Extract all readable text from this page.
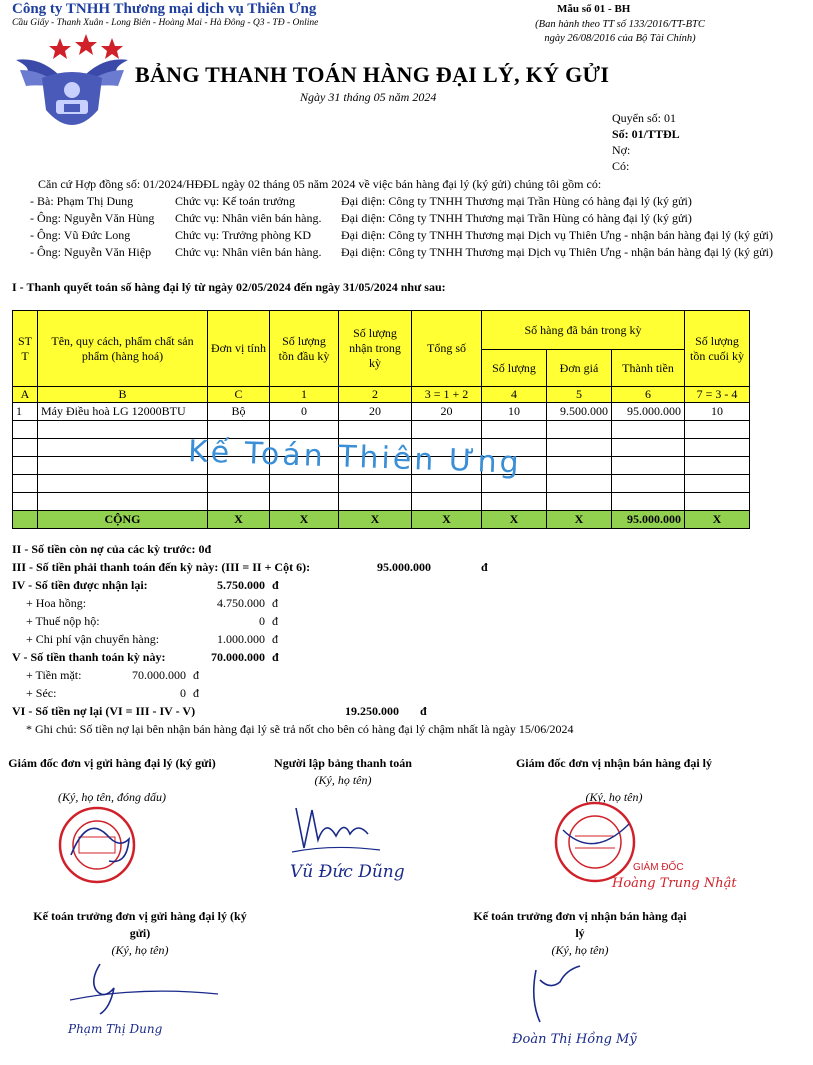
Công ty TNHH Thương mại dịch vụ Thiên Ưng
Cầu Giấy - Thanh Xuân - Long Biên - Hoàng Mai - Hà Đông - Q3 - TĐ - Online
Mẫu số 01 - BH
(Ban hành theo TT số 133/2016/TT-BTC
ngày 26/08/2016 của Bộ Tài Chính)
BẢNG THANH TOÁN HÀNG ĐẠI LÝ, KÝ GỬI
Ngày 31 tháng 05 năm 2024
Quyển số: 01
Số: 01/TTĐL
Nợ:
Có:
Căn cứ Hợp đồng số: 01/2024/HĐĐL ngày 02 tháng 05 năm 2024 về việc bán hàng đại lý (ký gửi) chúng tôi gồm có:
- Bà: Phạm Thị Dung	Chức vụ: Kế toán trưởng	Đại diện: Công ty TNHH Thương mại Trần Hùng có hàng đại lý (ký gửi)
- Ông: Nguyễn Văn Hùng Chức vụ: Nhân viên bán hàng. Đại diện: Công ty TNHH Thương mại Trần Hùng có hàng đại lý (ký gửi)
- Ông: Vũ Đức Long	Chức vụ: Trưởng phòng KD Đại diện: Công ty TNHH Thương mại Dịch vụ Thiên Ưng - nhận bán hàng đại lý (ký gửi)
- Ông: Nguyễn Văn Hiệp Chức vụ: Nhân viên bán hàng. Đại diện: Công ty TNHH Thương mại Dịch vụ Thiên Ưng - nhận bán hàng đại lý (ký gửi)
I - Thanh quyết toán số hàng đại lý từ ngày 02/05/2024 đến ngày 31/05/2024 như sau:
ST T	Tên, quy cách, phẩm chất sản phẩm (hàng hoá)	Đơn vị tính	Số lượng tồn đầu kỳ	Số lượng nhận trong kỳ	Tổng số	Số hàng đã bán trong kỳ			Số lượng tồn cuối kỳ
						Số lượng	Đơn giá	Thành tiền	
A	B	C	1	2	3 = 1 + 2	4	5	6	7 = 3 - 4
1	Máy Điều hoà LG 12000BTU	Bộ	0	20	20	10	9.500.000	95.000.000	10

	CỘNG	X	X	X	X	X	X	95.000.000	X
Kế Toán Thiên Ưng
II - Số tiền còn nợ của các kỳ trước: 0đ
III - Số tiền phải thanh toán đến kỳ này: (III = II + Cột 6):	95.000.000	đ
IV - Số tiền được nhận lại:	5.750.000 đ
+ Hoa hồng:	4.750.000 đ
+ Thuế nộp hộ:	0 đ
+ Chi phí vận chuyển hàng:	1.000.000 đ
V - Số tiền thanh toán kỳ này:	70.000.000 đ
+ Tiền mặt:	70.000.000 đ
+ Séc:	0 đ
VI - Số tiền nợ lại (VI = III - IV - V)	19.250.000 đ
* Ghi chú: Số tiền nợ lại bên nhận bán hàng đại lý sẽ trả nốt cho bên có hàng đại lý chậm nhất là ngày 15/06/2024
Giám đốc đơn vị gửi hàng đại lý (ký gửi)
(Ký, họ tên, đóng dấu)
Người lập bảng thanh toán
(Ký, họ tên)
Giám đốc đơn vị nhận bán hàng đại lý
(Ký, họ tên)
Vũ Đức Dũng	GIÁM ĐỐC
Hoàng Trung Nhật
Kế toán trưởng đơn vị gửi hàng đại lý (ký gửi)
(Ký, họ tên)
Kế toán trưởng đơn vị nhận bán hàng đại lý
(Ký, họ tên)
Phạm Thị Dung
Đoàn Thị Hồng Mỹ
